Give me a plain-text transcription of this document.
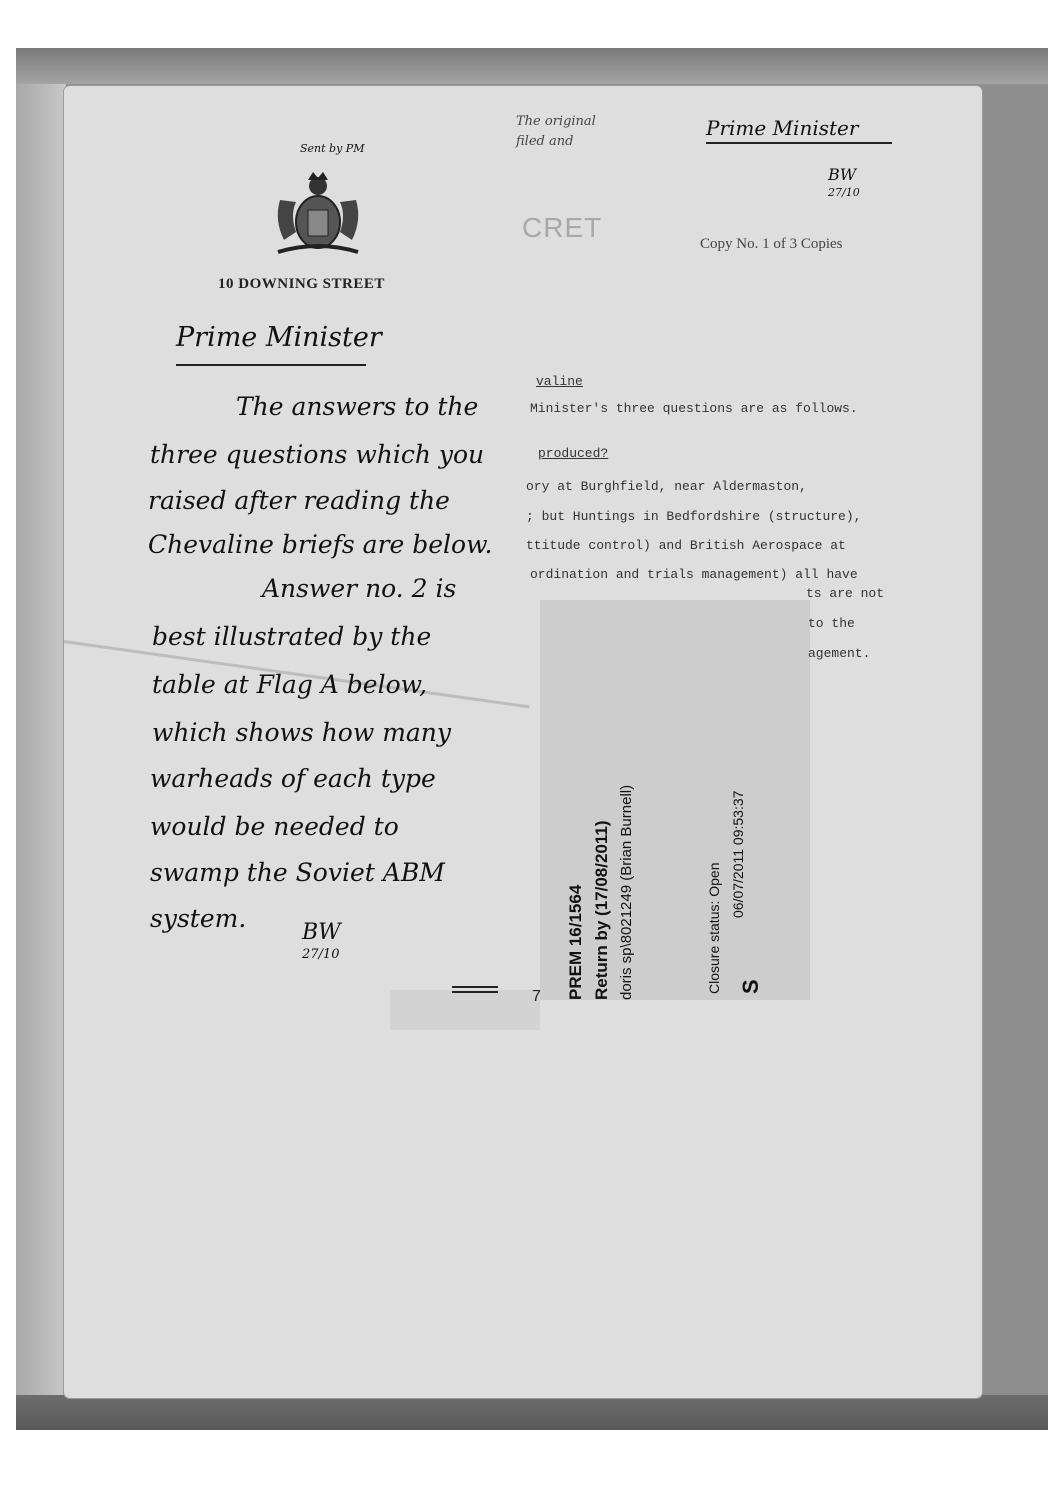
10 DOWNING STREET
Sent by PM
The original
filed and
Prime Minister
BW
27/10
CRET
Copy No. 1 of 3 Copies
valine
Minister's three questions are as follows.
produced?
ory at Burghfield, near Aldermaston,
; but Huntings in Bedfordshire (structure),
ttitude control) and British Aerospace at
ordination and trials management) all have
ts are not
to the
agement.
Prime Minister
The answers to the
three questions which you
raised after reading the
Chevaline briefs are below.
Answer no. 2 is
best illustrated by the
table at Flag A below,
which shows how many
warheads of each type
would be needed to
swamp the Soviet ABM
system.	BW
27/10
7 PREM 16/1564 Return by (17/08/2011) doris sp\8021249 (Brian Burnell)	Closure status: Open
06/07/2011 09:53:37
S
